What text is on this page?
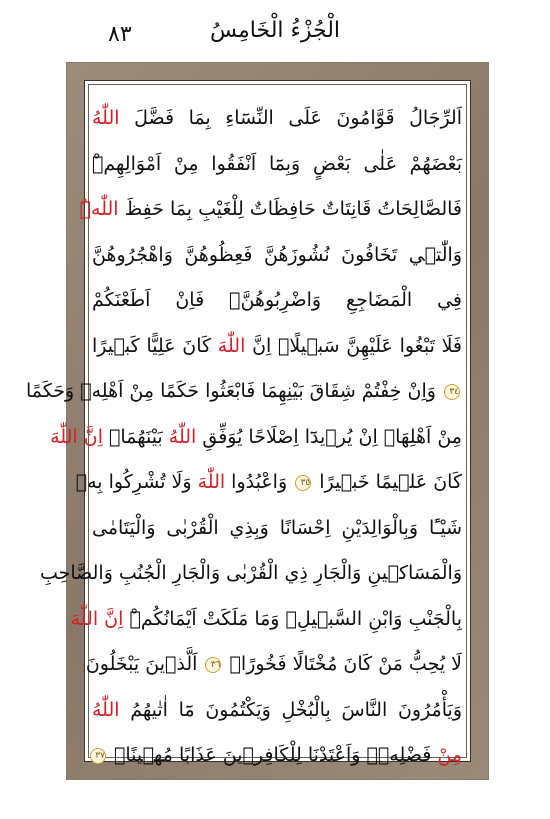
الْجُزْءُ الْخَامِسُ
٨٣
اَلرِّجَالُ قَوَّامُونَ عَلَى النِّسَٓاءِ بِمَا فَضَّلَ اللّٰهُ
بَعْضَهُمْ عَلٰى بَعْضٍ وَبِمَٓا اَنْفَقُوا مِنْ اَمْوَالِهِمْۜ
فَالصَّالِحَاتُ قَانِتَاتٌ حَافِظَاتٌ لِلْغَيْبِ بِمَا حَفِظَ اللّٰهُۜ
وَالّٰت۪ي تَخَافُونَ نُشُوزَهُنَّ فَعِظُوهُنَّ وَاهْجُرُوهُنَّ
فِي الْمَضَاجِعِ وَاضْرِبُوهُنَّۚ فَاِنْ اَطَعْنَكُمْ
فَلَا تَبْغُوا عَلَيْهِنَّ سَب۪يلًاۜ اِنَّ اللّٰهَ كَانَ عَلِيًّا كَب۪يرًا
٣٤ وَاِنْ خِفْتُمْ شِقَاقَ بَيْنِهِمَا فَابْعَثُوا حَكَمًا مِنْ اَهْلِه۪ وَحَكَمًا
مِنْ اَهْلِهَاۚ اِنْ يُر۪يدَٓا اِصْلَاحًا يُوَفِّقِ اللّٰهُ بَيْنَهُمَاۜ اِنَّ اللّٰهَ
كَانَ عَل۪يمًا خَب۪يرًا ٣٥ وَاعْبُدُوا اللّٰهَ وَلَا تُشْرِكُوا بِه۪
شَيْـًٔا وَبِالْوَالِدَيْنِ اِحْسَانًا وَبِذِي الْقُرْبٰى وَالْيَتَامٰى
وَالْمَسَاك۪ينِ وَالْجَارِ ذِي الْقُرْبٰى وَالْجَارِ الْجُنُبِ وَالصَّاحِبِ
بِالْجَنْبِ وَابْنِ السَّب۪يلِۙ وَمَا مَلَكَتْ اَيْمَانُكُمْۜ اِنَّ اللّٰهَ
لَا يُحِبُّ مَنْ كَانَ مُخْتَالًا فَخُورًاۙ ٣٦ اَلَّذ۪ينَ يَبْخَلُونَ
وَيَأْمُرُونَ النَّاسَ بِالْبُخْلِ وَيَكْتُمُونَ مَٓا اٰتٰيهُمُ اللّٰهُ
مِنْ فَضْلِه۪ۜ وَاَعْتَدْنَا لِلْكَافِر۪ينَ عَذَابًا مُه۪ينًاۚ ٣٧
